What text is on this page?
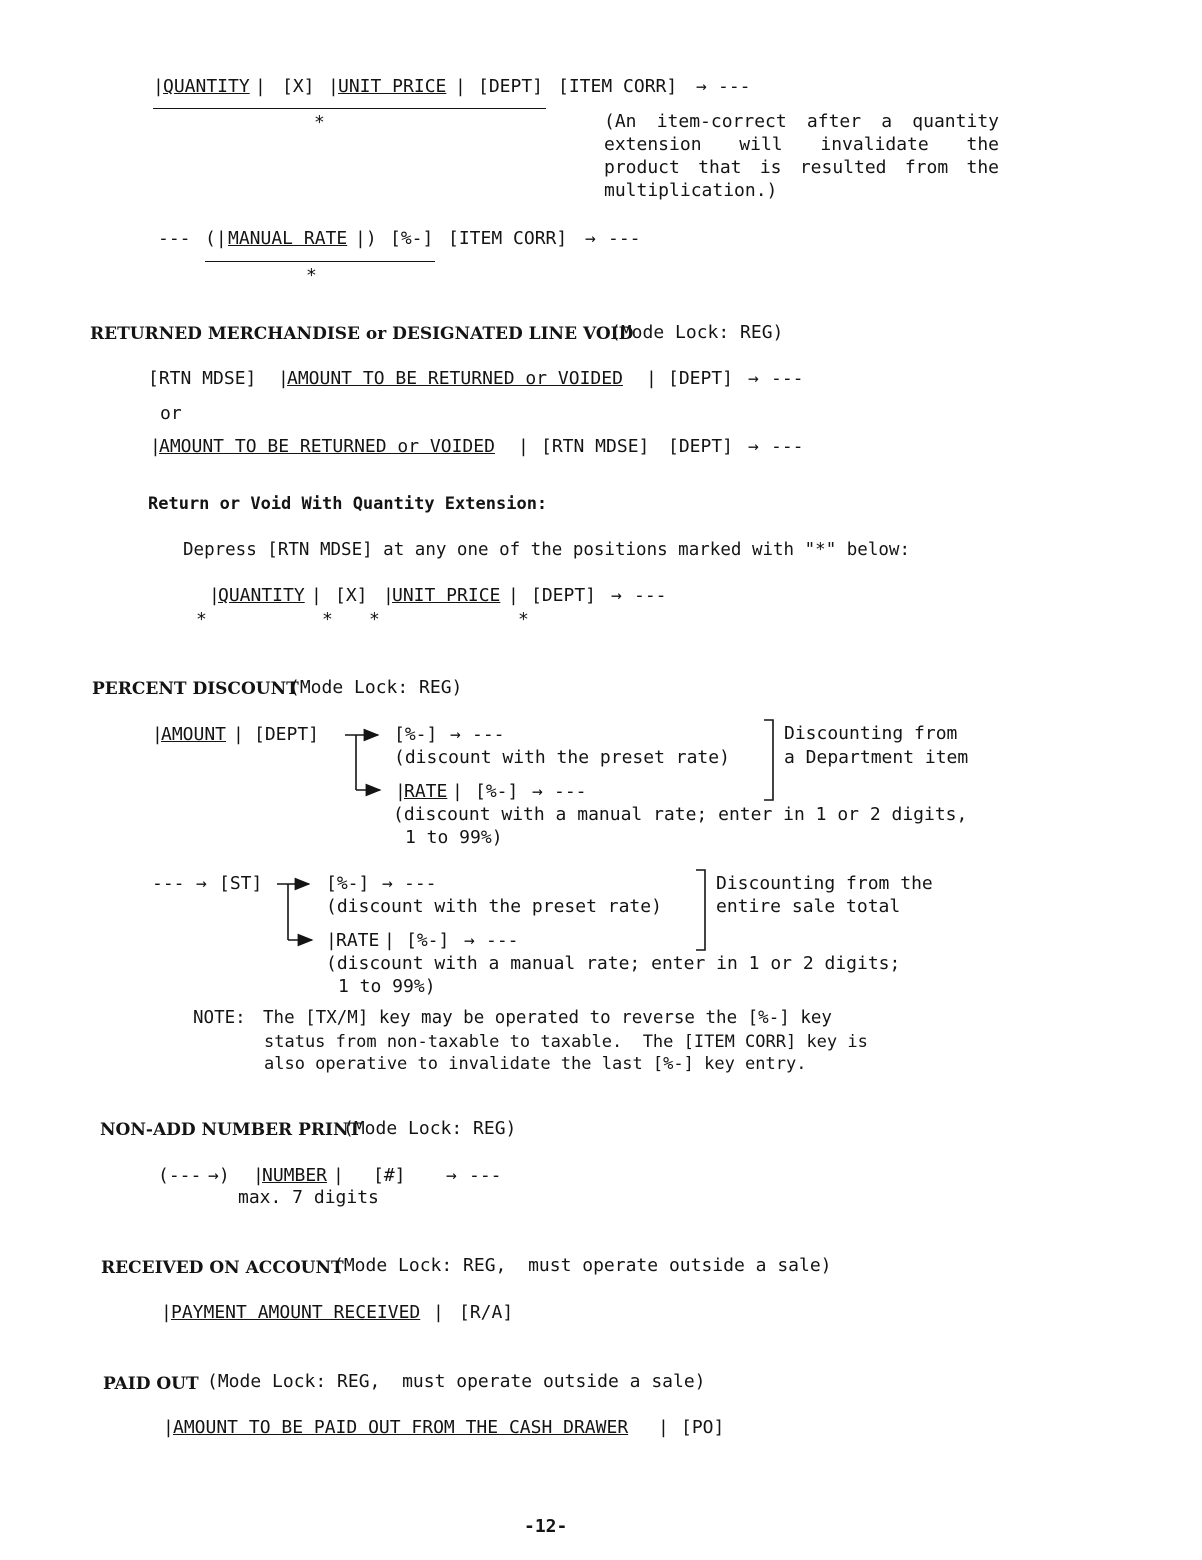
| QUANTITY | [X] | UNIT PRICE | [DEPT] [ITEM CORR] → ---
*	(An item-correct after a quantity extension will invalidate the product that is resulted from the multiplication.)
--- (| MANUAL RATE |) [%-] [ITEM CORR] → ---
*
RETURNED MERCHANDISE or DESIGNATED LINE VOID
(Mode Lock: REG)
[RTN MDSE] |
AMOUNT TO BE RETURNED or VOIDED | [DEPT] → ---
or
|
AMOUNT TO BE RETURNED or VOIDED | [RTN MDSE] [DEPT] → ---
Return or Void With Quantity Extension:
Depress [RTN MDSE] at any one of the positions marked with "*" below:
|
QUANTITY | [X] |
UNIT PRICE | [DEPT] → ---
*	* *	*
PERCENT DISCOUNT
(Mode Lock: REG)
|
AMOUNT | [DEPT]	[%-] → ---
(discount with the preset rate)
|
RATE | [%-] → ---
(discount with a manual rate; enter in 1 or 2 digits,
1 to 99%)
Discounting from
a Department item
--- → [ST]	[%-] → ---
(discount with the preset rate)
| RATE | [%-] → ---
(discount with a manual rate; enter in 1 or 2 digits;
1 to 99%)
Discounting from the
entire sale total
NOTE: The [TX/M] key may be operated to reverse the [%-] key
status from non-taxable to taxable.  The [ITEM CORR] key is
also operative to invalidate the last [%-] key entry.
NON-ADD NUMBER PRINT
(Mode Lock: REG)
(--- →) |
NUMBER | [#] → ---
max. 7 digits
RECEIVED ON ACCOUNT
(Mode Lock: REG,  must operate outside a sale)
| PAYMENT AMOUNT RECEIVED | [R/A]
PAID OUT (Mode Lock: REG,  must operate outside a sale)
| AMOUNT TO BE PAID OUT FROM THE CASH DRAWER | [PO]
-12-
